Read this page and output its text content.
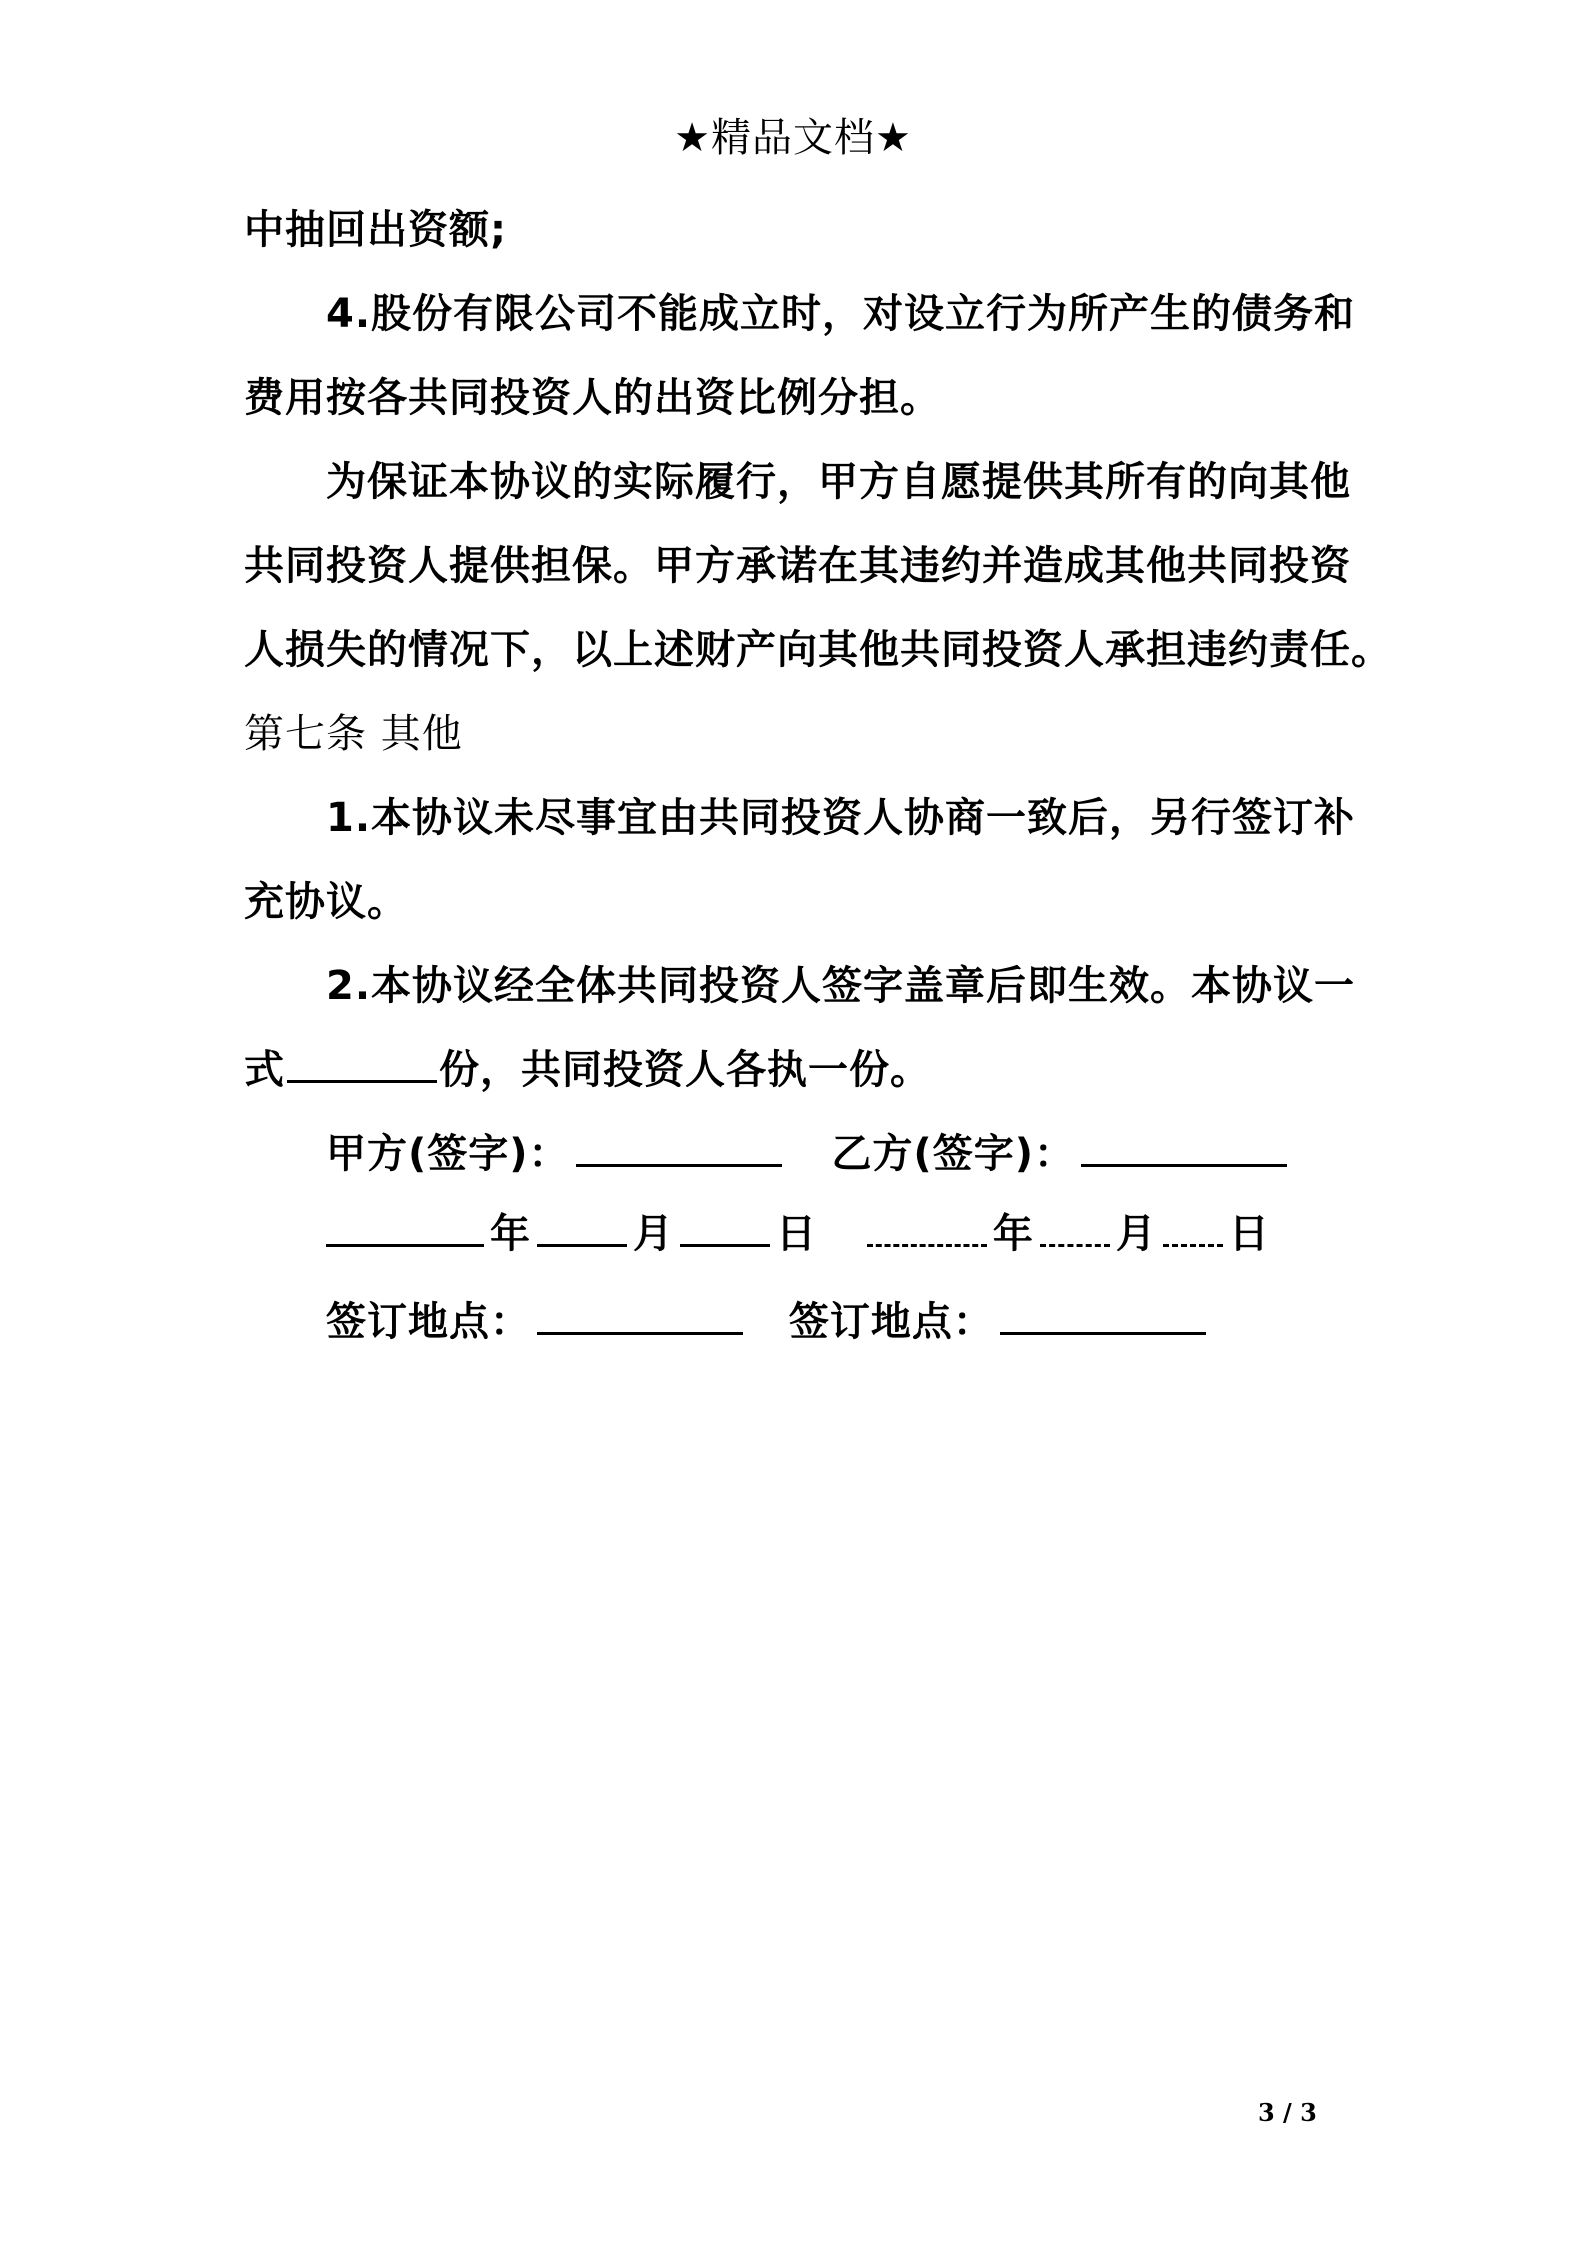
★精品文档★
中抽回出资额;
4.股份有限公司不能成立时，对设立行为所产生的债务和
费用按各共同投资人的出资比例分担。
为保证本协议的实际履行，甲方自愿提供其所有的向其他
共同投资人提供担保。甲方承诺在其违约并造成其他共同投资
人损失的情况下，以上述财产向其他共同投资人承担违约责任。
第七条 其他
1.本协议未尽事宜由共同投资人协商一致后，另行签订补
充协议。
2.本协议经全体共同投资人签字盖章后即生效。本协议一
式	份，共同投资人各执一份。
甲方(签字)：	乙方(签字)：
年	月	日	年 月 日
签订地点：	签订地点：
3 / 3
